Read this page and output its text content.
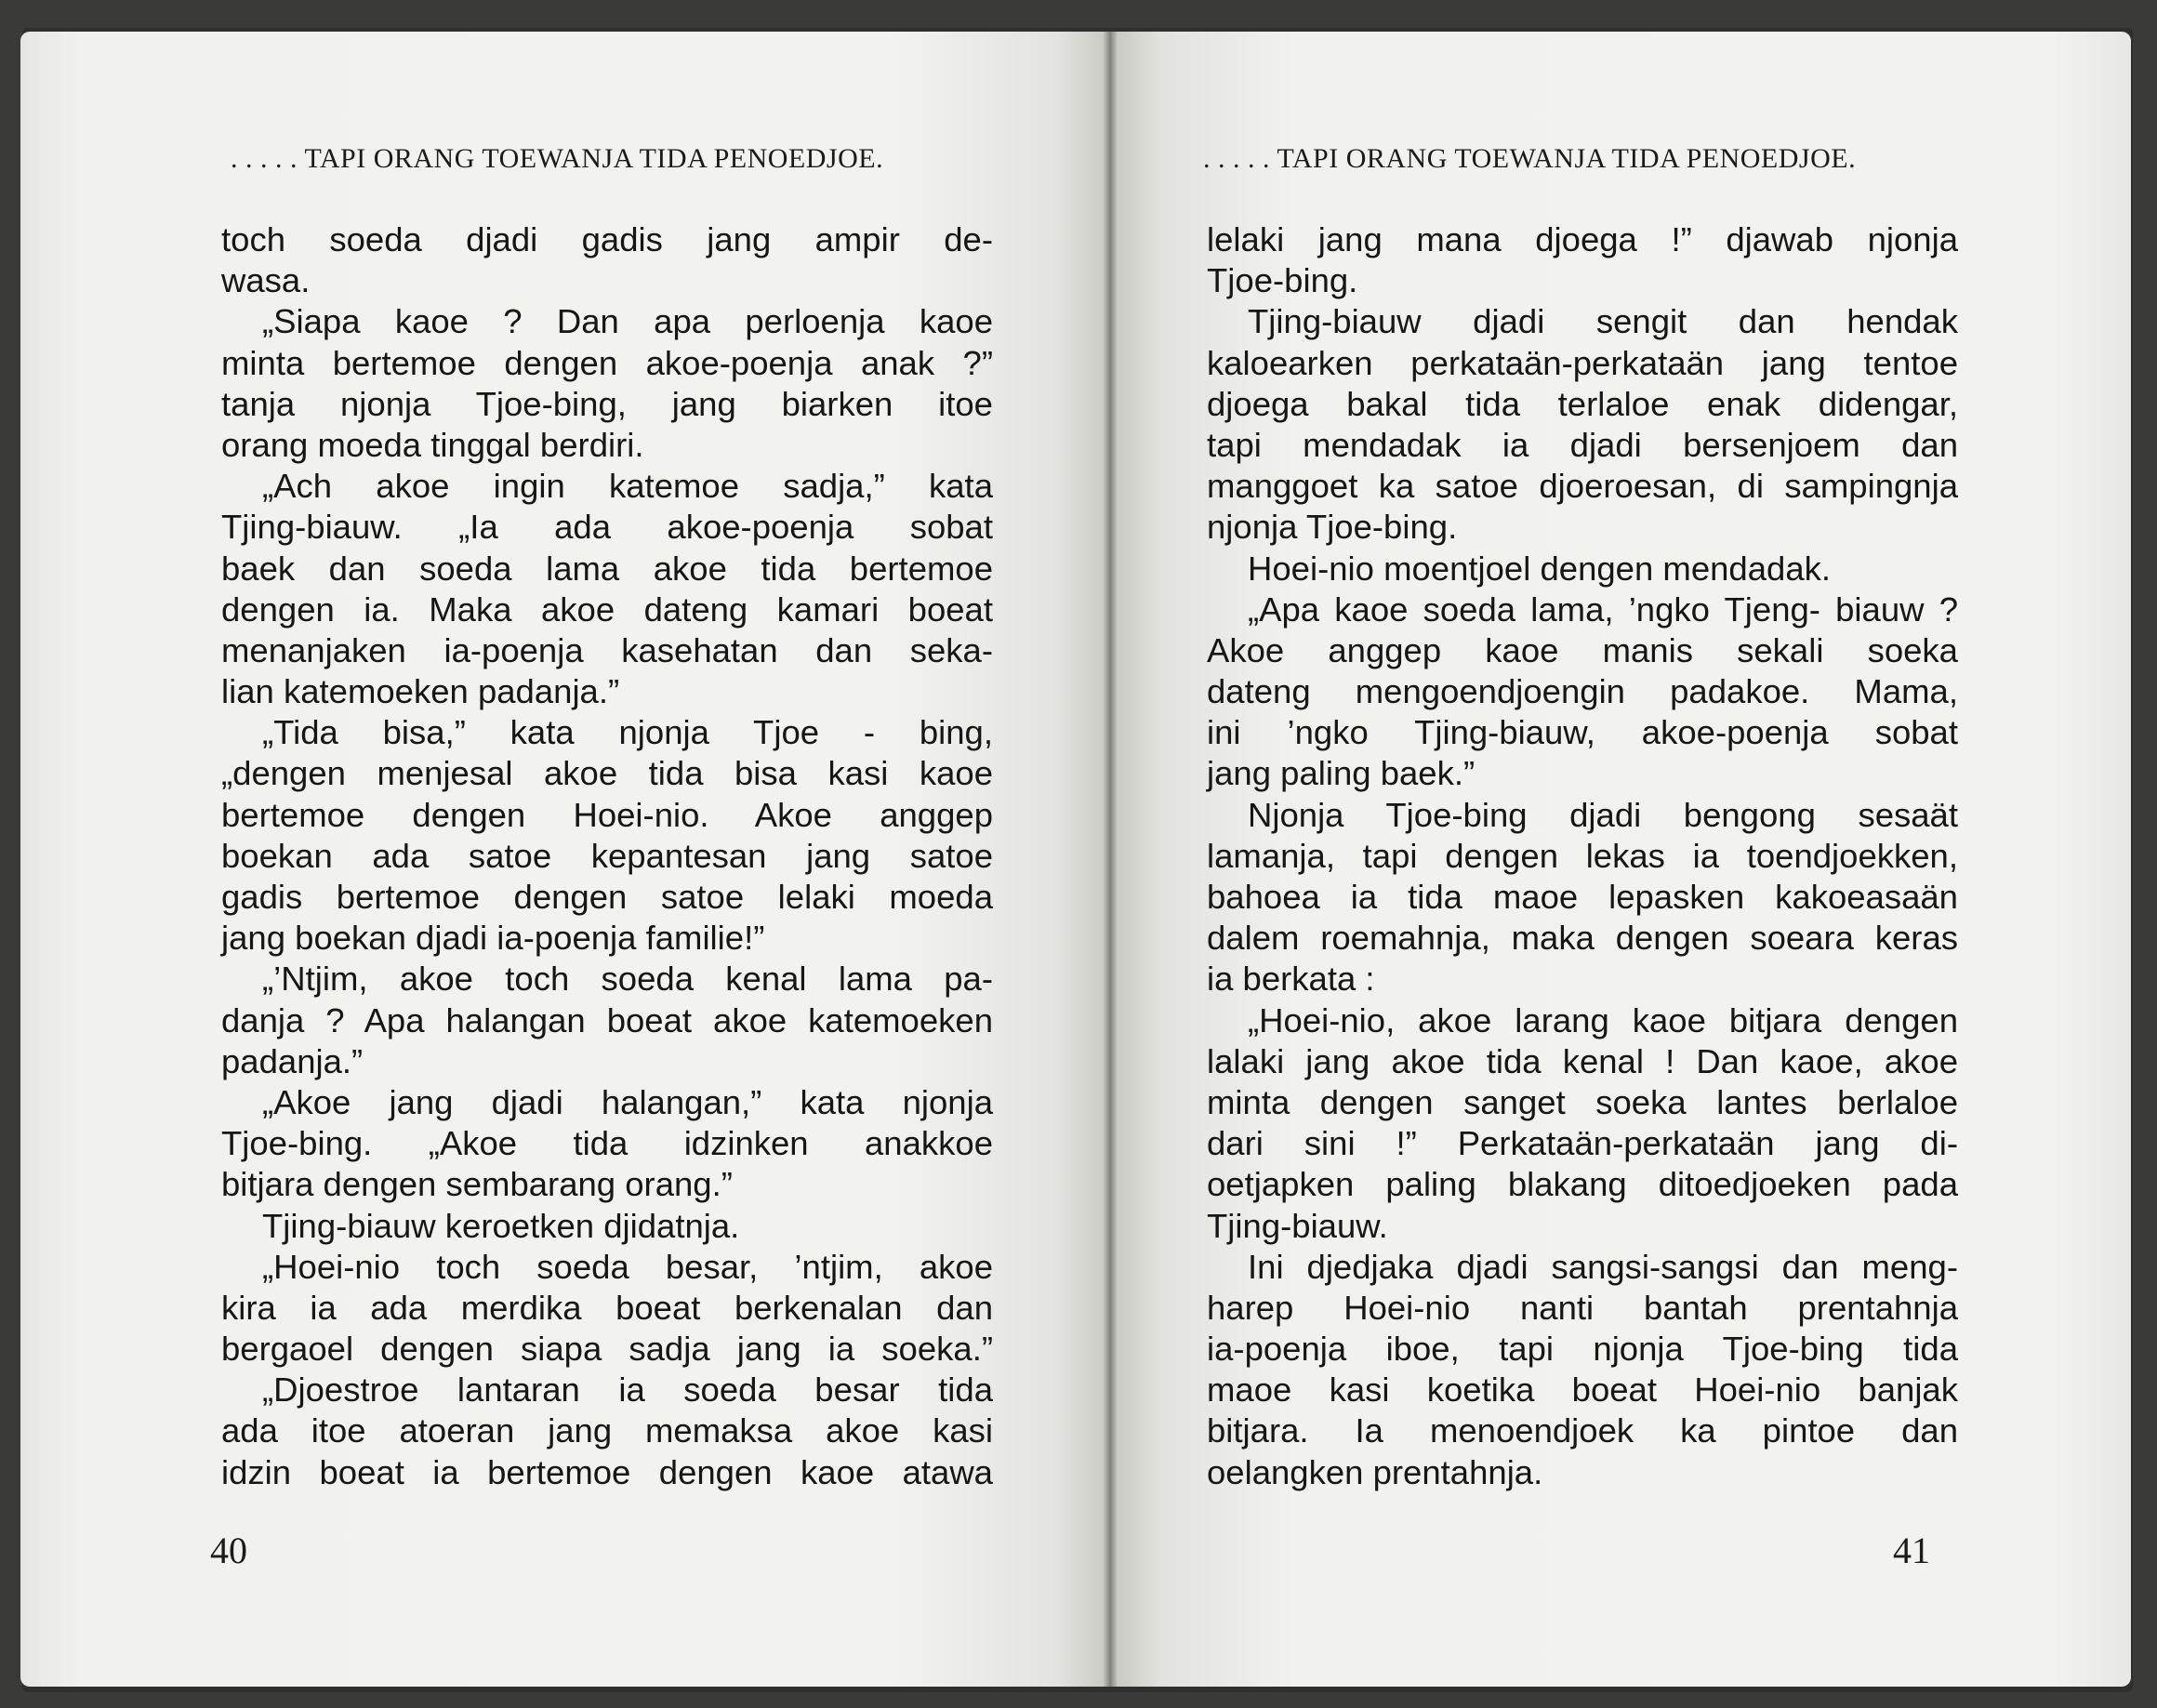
. . . . . TAPI ORANG TOEWANJA TIDA PENOEDJOE.
toch soeda djadi gadis jang ampir de-
wasa.
„Siapa kaoe ? Dan apa perloenja kaoe
minta bertemoe dengen akoe-poenja anak ?”
tanja njonja Tjoe-bing, jang biarken itoe
orang moeda tinggal berdiri.
„Ach akoe ingin katemoe sadja,” kata
Tjing-biauw. „Ia ada akoe-poenja sobat
baek dan soeda lama akoe tida bertemoe
dengen ia. Maka akoe dateng kamari boeat
menanjaken ia-poenja kasehatan dan seka-
lian katemoeken padanja.”
„Tida bisa,” kata njonja Tjoe - bing,
„dengen menjesal akoe tida bisa kasi kaoe
bertemoe dengen Hoei-nio. Akoe anggep
boekan ada satoe kepantesan jang satoe
gadis bertemoe dengen satoe lelaki moeda
jang boekan djadi ia-poenja familie!”
„’Ntjim, akoe toch soeda kenal lama pa-
danja ? Apa halangan boeat akoe katemoeken
padanja.”
„Akoe jang djadi halangan,” kata njonja
Tjoe-bing. „Akoe tida idzinken anakkoe
bitjara dengen sembarang orang.”
Tjing-biauw keroetken djidatnja.
„Hoei-nio toch soeda besar, ’ntjim, akoe
kira ia ada merdika boeat berkenalan dan
bergaoel dengen siapa sadja jang ia soeka.”
„Djoestroe lantaran ia soeda besar tida
ada itoe atoeran jang memaksa akoe kasi
idzin boeat ia bertemoe dengen kaoe atawa
40
. . . . . TAPI ORANG TOEWANJA TIDA PENOEDJOE.
lelaki jang mana djoega !” djawab njonja
Tjoe-bing.
Tjing-biauw djadi sengit dan hendak
kaloearken perkataän-perkataän jang tentoe
djoega bakal tida terlaloe enak didengar,
tapi mendadak ia djadi bersenjoem dan
manggoet ka satoe djoeroesan, di sampingnja
njonja Tjoe-bing.
Hoei-nio moentjoel dengen mendadak.
„Apa kaoe soeda lama, ’ngko Tjeng- biauw ?
Akoe anggep kaoe manis sekali soeka
dateng mengoendjoengin padakoe. Mama,
ini ’ngko Tjing-biauw, akoe-poenja sobat
jang paling baek.”
Njonja Tjoe-bing djadi bengong sesaät
lamanja, tapi dengen lekas ia toendjoekken,
bahoea ia tida maoe lepasken kakoeasaän
dalem roemahnja, maka dengen soeara keras
ia berkata :
„Hoei-nio, akoe larang kaoe bitjara dengen
lalaki jang akoe tida kenal ! Dan kaoe, akoe
minta dengen sanget soeka lantes berlaloe
dari sini !” Perkataän-perkataän jang di-
oetjapken paling blakang ditoedjoeken pada
Tjing-biauw.
Ini djedjaka djadi sangsi-sangsi dan meng-
harep Hoei-nio nanti bantah prentahnja
ia-poenja iboe, tapi njonja Tjoe-bing tida
maoe kasi koetika boeat Hoei-nio banjak
bitjara. Ia menoendjoek ka pintoe dan
oelangken prentahnja.
41
